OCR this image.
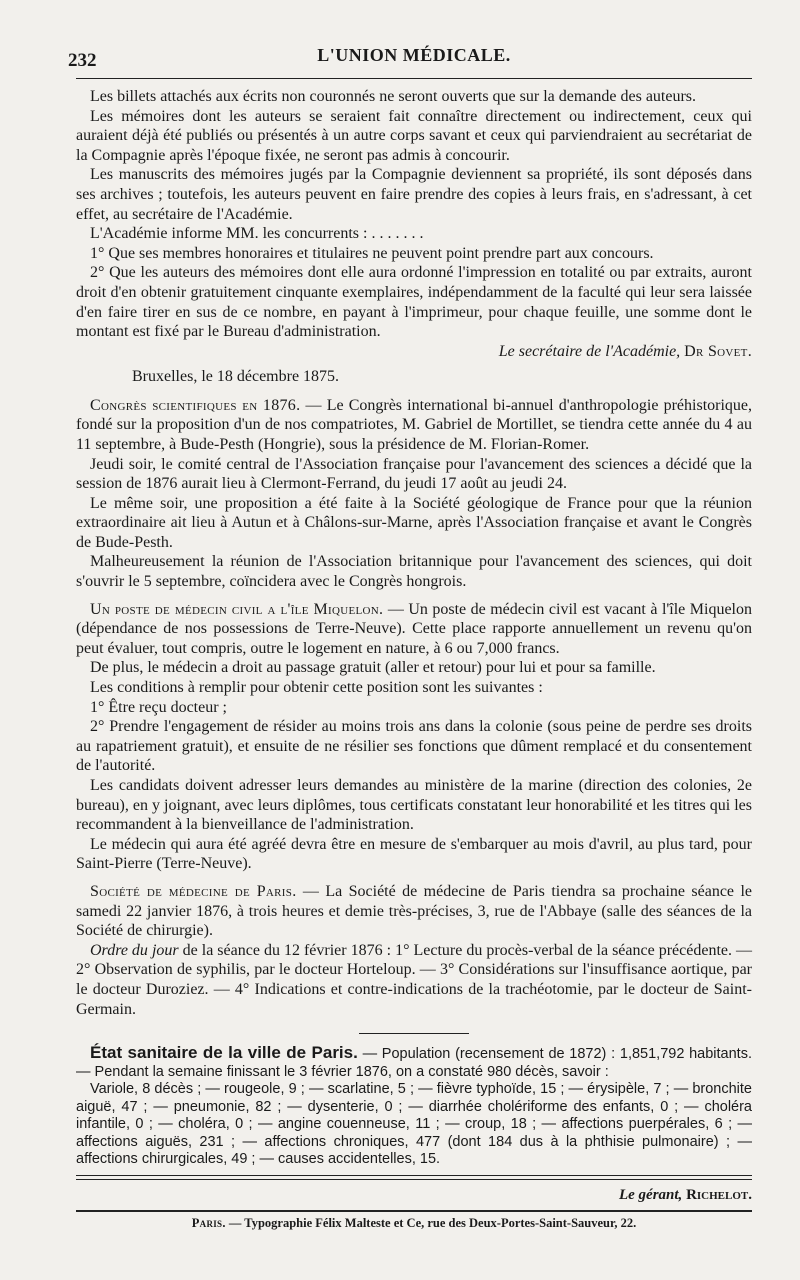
232	L'UNION MÉDICALE.

Les billets attachés aux écrits non couronnés ne seront ouverts que sur la demande des auteurs.

Les mémoires dont les auteurs se seraient fait connaître directement ou indirectement, ceux qui auraient déjà été publiés ou présentés à un autre corps savant et ceux qui parviendraient au secrétariat de la Compagnie après l'époque fixée, ne seront pas admis à concourir.

Les manuscrits des mémoires jugés par la Compagnie deviennent sa propriété, ils sont déposés dans ses archives ; toutefois, les auteurs peuvent en faire prendre des copies à leurs frais, en s'adressant, à cet effet, au secrétaire de l'Académie.

L'Académie informe MM. les concurrents : . . . . . . .

1° Que ses membres honoraires et titulaires ne peuvent point prendre part aux concours.

2° Que les auteurs des mémoires dont elle aura ordonné l'impression en totalité ou par extraits, auront droit d'en obtenir gratuitement cinquante exemplaires, indépendamment de la faculté qui leur sera laissée d'en faire tirer en sus de ce nombre, en payant à l'imprimeur, pour chaque feuille, une somme dont le montant est fixé par le Bureau d'administration.

Le secrétaire de l'Académie, Dr Sovet.
Bruxelles, le 18 décembre 1875.

Congrès scientifiques en 1876. — Le Congrès international bi-annuel d'anthropologie préhistorique, fondé sur la proposition d'un de nos compatriotes, M. Gabriel de Mortillet, se tiendra cette année du 4 au 11 septembre, à Bude-Pesth (Hongrie), sous la présidence de M. Florian-Romer.

Jeudi soir, le comité central de l'Association française pour l'avancement des sciences a décidé que la session de 1876 aurait lieu à Clermont-Ferrand, du jeudi 17 août au jeudi 24.

Le même soir, une proposition a été faite à la Société géologique de France pour que la réunion extraordinaire ait lieu à Autun et à Châlons-sur-Marne, après l'Association française et avant le Congrès de Bude-Pesth.

Malheureusement la réunion de l'Association britannique pour l'avancement des sciences, qui doit s'ouvrir le 5 septembre, coïncidera avec le Congrès hongrois.

Un poste de médecin civil a l'île Miquelon. — Un poste de médecin civil est vacant à l'île Miquelon (dépendance de nos possessions de Terre-Neuve). Cette place rapporte annuellement un revenu qu'on peut évaluer, tout compris, outre le logement en nature, à 6 ou 7,000 francs.

De plus, le médecin a droit au passage gratuit (aller et retour) pour lui et pour sa famille.

Les conditions à remplir pour obtenir cette position sont les suivantes :

1° Être reçu docteur ;

2° Prendre l'engagement de résider au moins trois ans dans la colonie (sous peine de perdre ses droits au rapatriement gratuit), et ensuite de ne résilier ses fonctions que dûment remplacé et du consentement de l'autorité.

Les candidats doivent adresser leurs demandes au ministère de la marine (direction des colonies, 2e bureau), en y joignant, avec leurs diplômes, tous certificats constatant leur honorabilité et les titres qui les recommandent à la bienveillance de l'administration.

Le médecin qui aura été agréé devra être en mesure de s'embarquer au mois d'avril, au plus tard, pour Saint-Pierre (Terre-Neuve).

Société de médecine de Paris. — La Société de médecine de Paris tiendra sa prochaine séance le samedi 22 janvier 1876, à trois heures et demie très-précises, 3, rue de l'Abbaye (salle des séances de la Société de chirurgie).

Ordre du jour de la séance du 12 février 1876 : 1° Lecture du procès-verbal de la séance précédente. — 2° Observation de syphilis, par le docteur Horteloup. — 3° Considérations sur l'insuffisance aortique, par le docteur Duroziez. — 4° Indications et contre-indications de la trachéotomie, par le docteur de Saint-Germain.

État sanitaire de la ville de Paris. — Population (recensement de 1872) : 1,851,792 habitants. — Pendant la semaine finissant le 3 février 1876, on a constaté 980 décès, savoir :

Variole, 8 décès ; — rougeole, 9 ; — scarlatine, 5 ; — fièvre typhoïde, 15 ; — érysipèle, 7 ; — bronchite aiguë, 47 ; — pneumonie, 82 ; — dysenterie, 0 ; — diarrhée cholériforme des enfants, 0 ; — choléra infantile, 0 ; — choléra, 0 ; — angine couenneuse, 11 ; — croup, 18 ; — affections puerpérales, 6 ; — affections aiguës, 231 ; — affections chroniques, 477 (dont 184 dus à la phthisie pulmonaire) ; — affections chirurgicales, 49 ; — causes accidentelles, 15.

Le gérant, Richelot.
Paris. — Typographie Félix Malteste et Ce, rue des Deux-Portes-Saint-Sauveur, 22.
